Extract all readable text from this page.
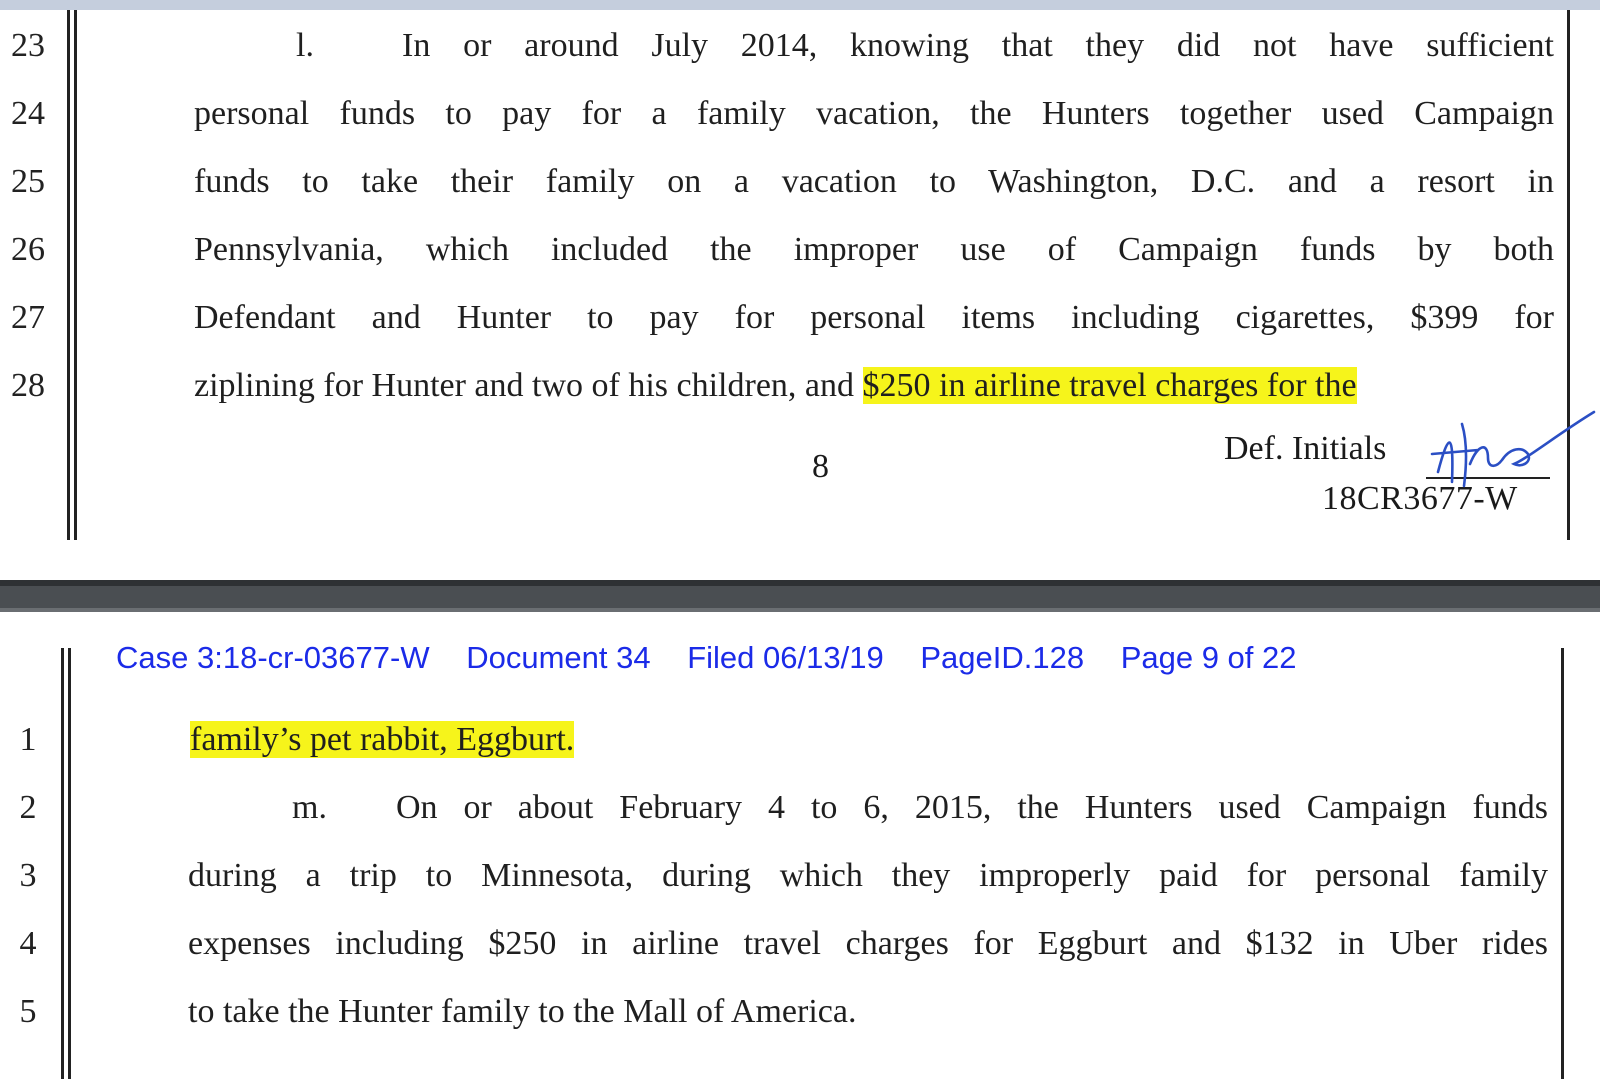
23
24
25
26
27
28
l.	In or around July 2014, knowing that they did not have sufficient
personal funds to pay for a family vacation, the Hunters together used Campaign
funds to take their family on a vacation to Washington, D.C. and a resort in
Pennsylvania, which included the improper use of Campaign funds by both
Defendant and Hunter to pay for personal items including cigarettes, $399 for
ziplining for Hunter and two of his children, and $250 in airline travel charges for the
8	Def. Initials
18CR3677-W
Case 3:18-cr-03677-W Document 34 Filed 06/13/19 PageID.128 Page 9 of 22
1
2
3
4
5
family’s pet rabbit, Eggburt.
m. On or about February 4 to 6, 2015, the Hunters used Campaign funds
during a trip to Minnesota, during which they improperly paid for personal family
expenses including $250 in airline travel charges for Eggburt and $132 in Uber rides
to take the Hunter family to the Mall of America.
